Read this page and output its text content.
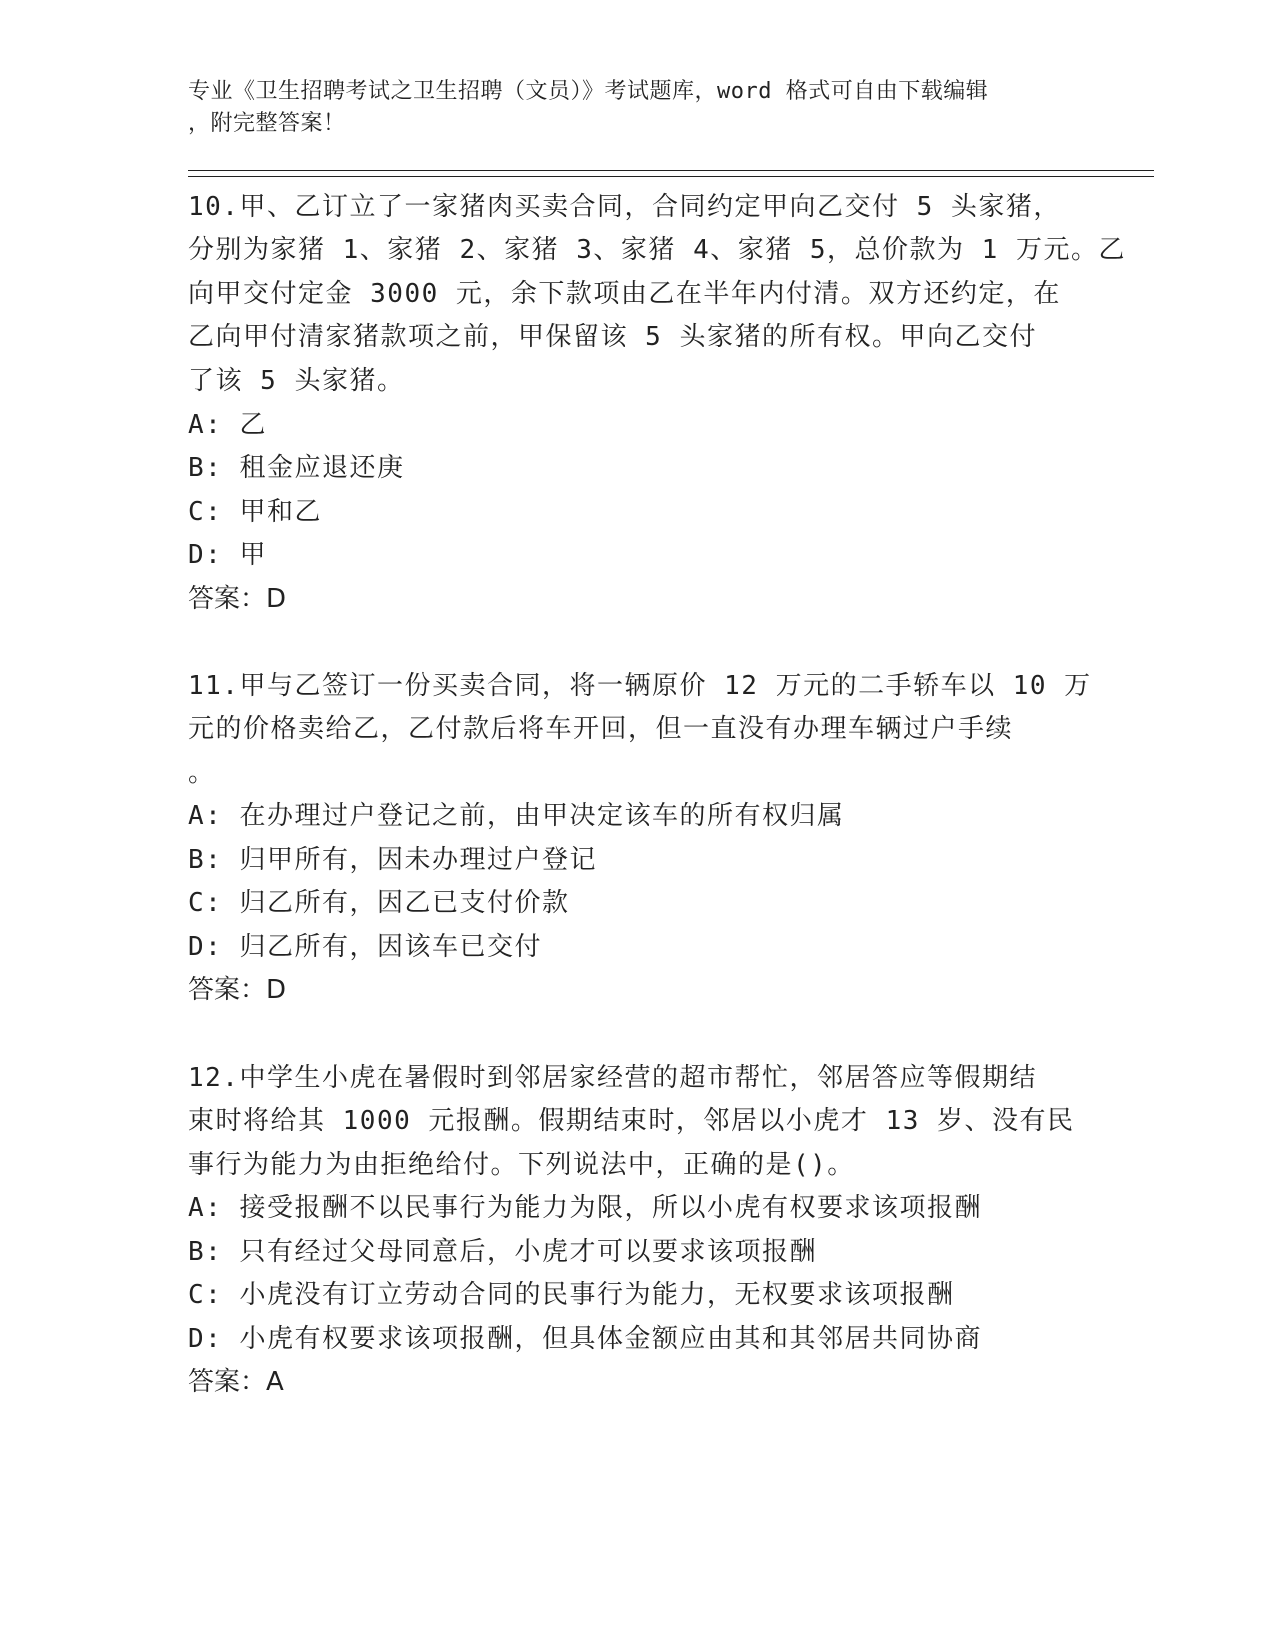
专业《卫生招聘考试之卫生招聘（文员）》考试题库，word 格式可自由下载编辑
，附完整答案！
10.甲、乙订立了一家猪肉买卖合同，合同约定甲向乙交付 5 头家猪，
分别为家猪 1、家猪 2、家猪 3、家猪 4、家猪 5，总价款为 1 万元。乙
向甲交付定金 3000 元，余下款项由乙在半年内付清。双方还约定，在
乙向甲付清家猪款项之前，甲保留该 5 头家猪的所有权。甲向乙交付
了该 5 头家猪。
A: 乙
B: 租金应退还庚
C: 甲和乙
D: 甲
答案：D
11.甲与乙签订一份买卖合同，将一辆原价 12 万元的二手轿车以 10 万
元的价格卖给乙，乙付款后将车开回，但一直没有办理车辆过户手续
。
A: 在办理过户登记之前，由甲决定该车的所有权归属
B: 归甲所有，因未办理过户登记
C: 归乙所有，因乙已支付价款
D: 归乙所有，因该车已交付
答案：D
12.中学生小虎在暑假时到邻居家经营的超市帮忙，邻居答应等假期结
束时将给其 1000 元报酬。假期结束时，邻居以小虎才 13 岁、没有民
事行为能力为由拒绝给付。下列说法中，正确的是()。
A: 接受报酬不以民事行为能力为限，所以小虎有权要求该项报酬
B: 只有经过父母同意后，小虎才可以要求该项报酬
C: 小虎没有订立劳动合同的民事行为能力，无权要求该项报酬
D: 小虎有权要求该项报酬，但具体金额应由其和其邻居共同协商
答案：A
